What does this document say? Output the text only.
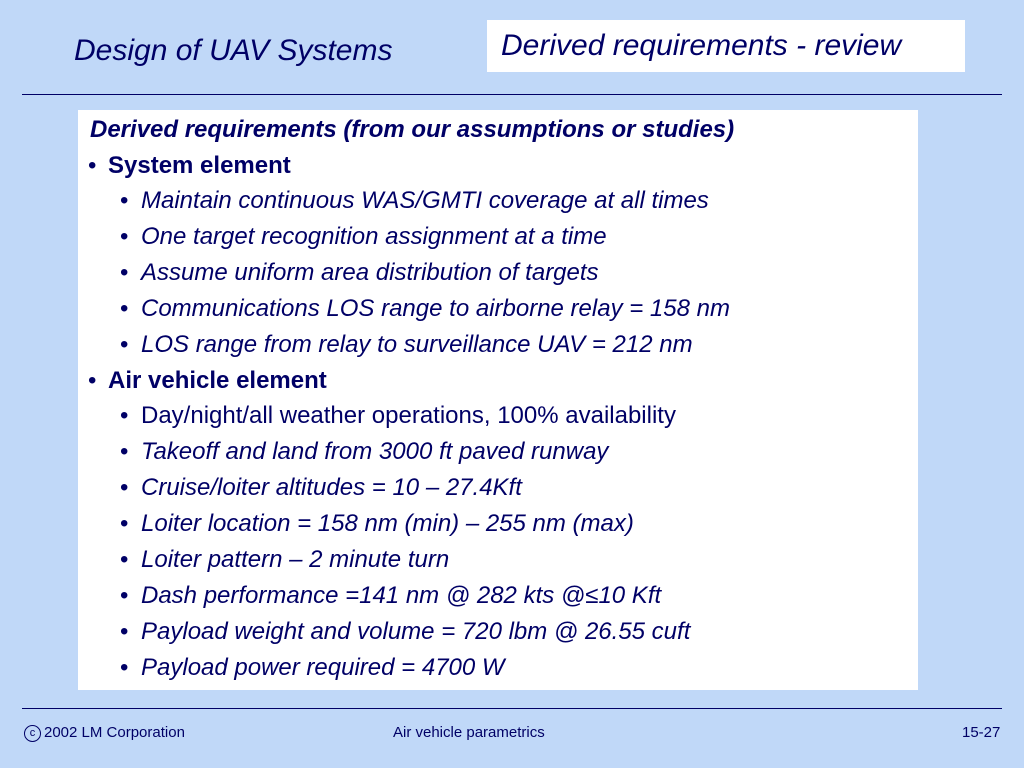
Design of UAV Systems	Derived requirements - review
Derived requirements (from our assumptions or studies)
• System element
• Maintain continuous WAS/GMTI coverage at all times
• One target recognition assignment at a time
• Assume uniform area distribution of targets
• Communications LOS range to airborne relay = 158 nm
• LOS range from relay to surveillance UAV = 212 nm
• Air vehicle element
• Day/night/all weather operations, 100% availability
• Takeoff and land from 3000 ft paved runway
• Cruise/loiter altitudes = 10 – 27.4Kft
• Loiter location = 158 nm (min) – 255 nm (max)
• Loiter pattern – 2 minute turn
• Dash performance =141 nm @ 282 kts @≤10 Kft
• Payload weight and volume = 720 lbm @ 26.55 cuft
• Payload power required = 4700 W
c 2002 LM Corporation	Air vehicle parametrics	15-27
